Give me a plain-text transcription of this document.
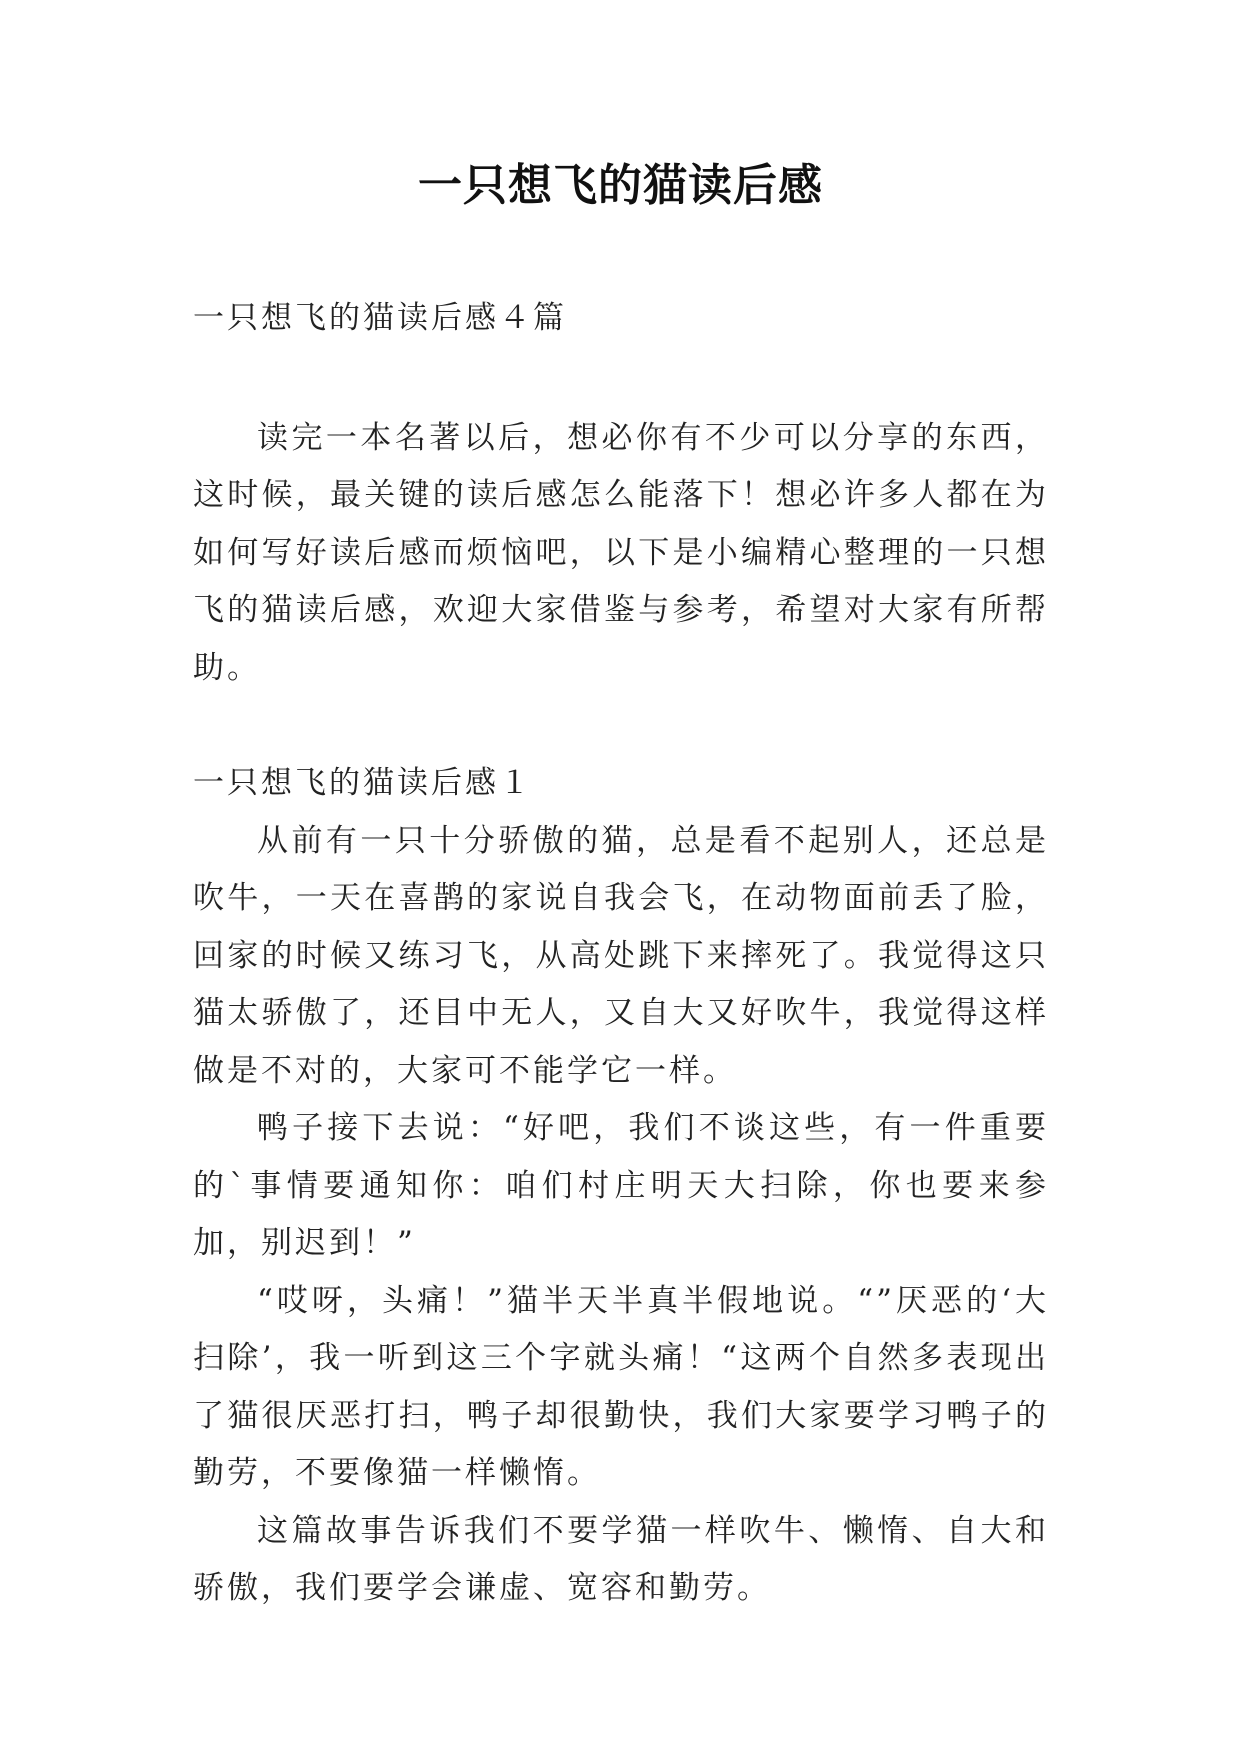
一只想飞的猫读后感

一只想飞的猫读后感４篇

读完一本名著以后，想必你有不少可以分享的东西，这时候，最关键的读后感怎么能落下！想必许多人都在为如何写好读后感而烦恼吧，以下是小编精心整理的一只想飞的猫读后感，欢迎大家借鉴与参考，希望对大家有所帮助。

一只想飞的猫读后感１

从前有一只十分骄傲的猫，总是看不起别人，还总是吹牛，一天在喜鹊的家说自我会飞，在动物面前丢了脸，回家的时候又练习飞，从高处跳下来摔死了。我觉得这只猫太骄傲了，还目中无人，又自大又好吹牛，我觉得这样做是不对的，大家可不能学它一样。

鸭子接下去说：“好吧，我们不谈这些，有一件重要的`事情要通知你：咱们村庄明天大扫除，你也要来参加，别迟到！”

“哎呀，头痛！”猫半天半真半假地说。“”厌恶的‘大扫除’，我一听到这三个字就头痛！“这两个自然多表现出了猫很厌恶打扫，鸭子却很勤快，我们大家要学习鸭子的勤劳，不要像猫一样懒惰。

这篇故事告诉我们不要学猫一样吹牛、懒惰、自大和骄傲，我们要学会谦虚、宽容和勤劳。
